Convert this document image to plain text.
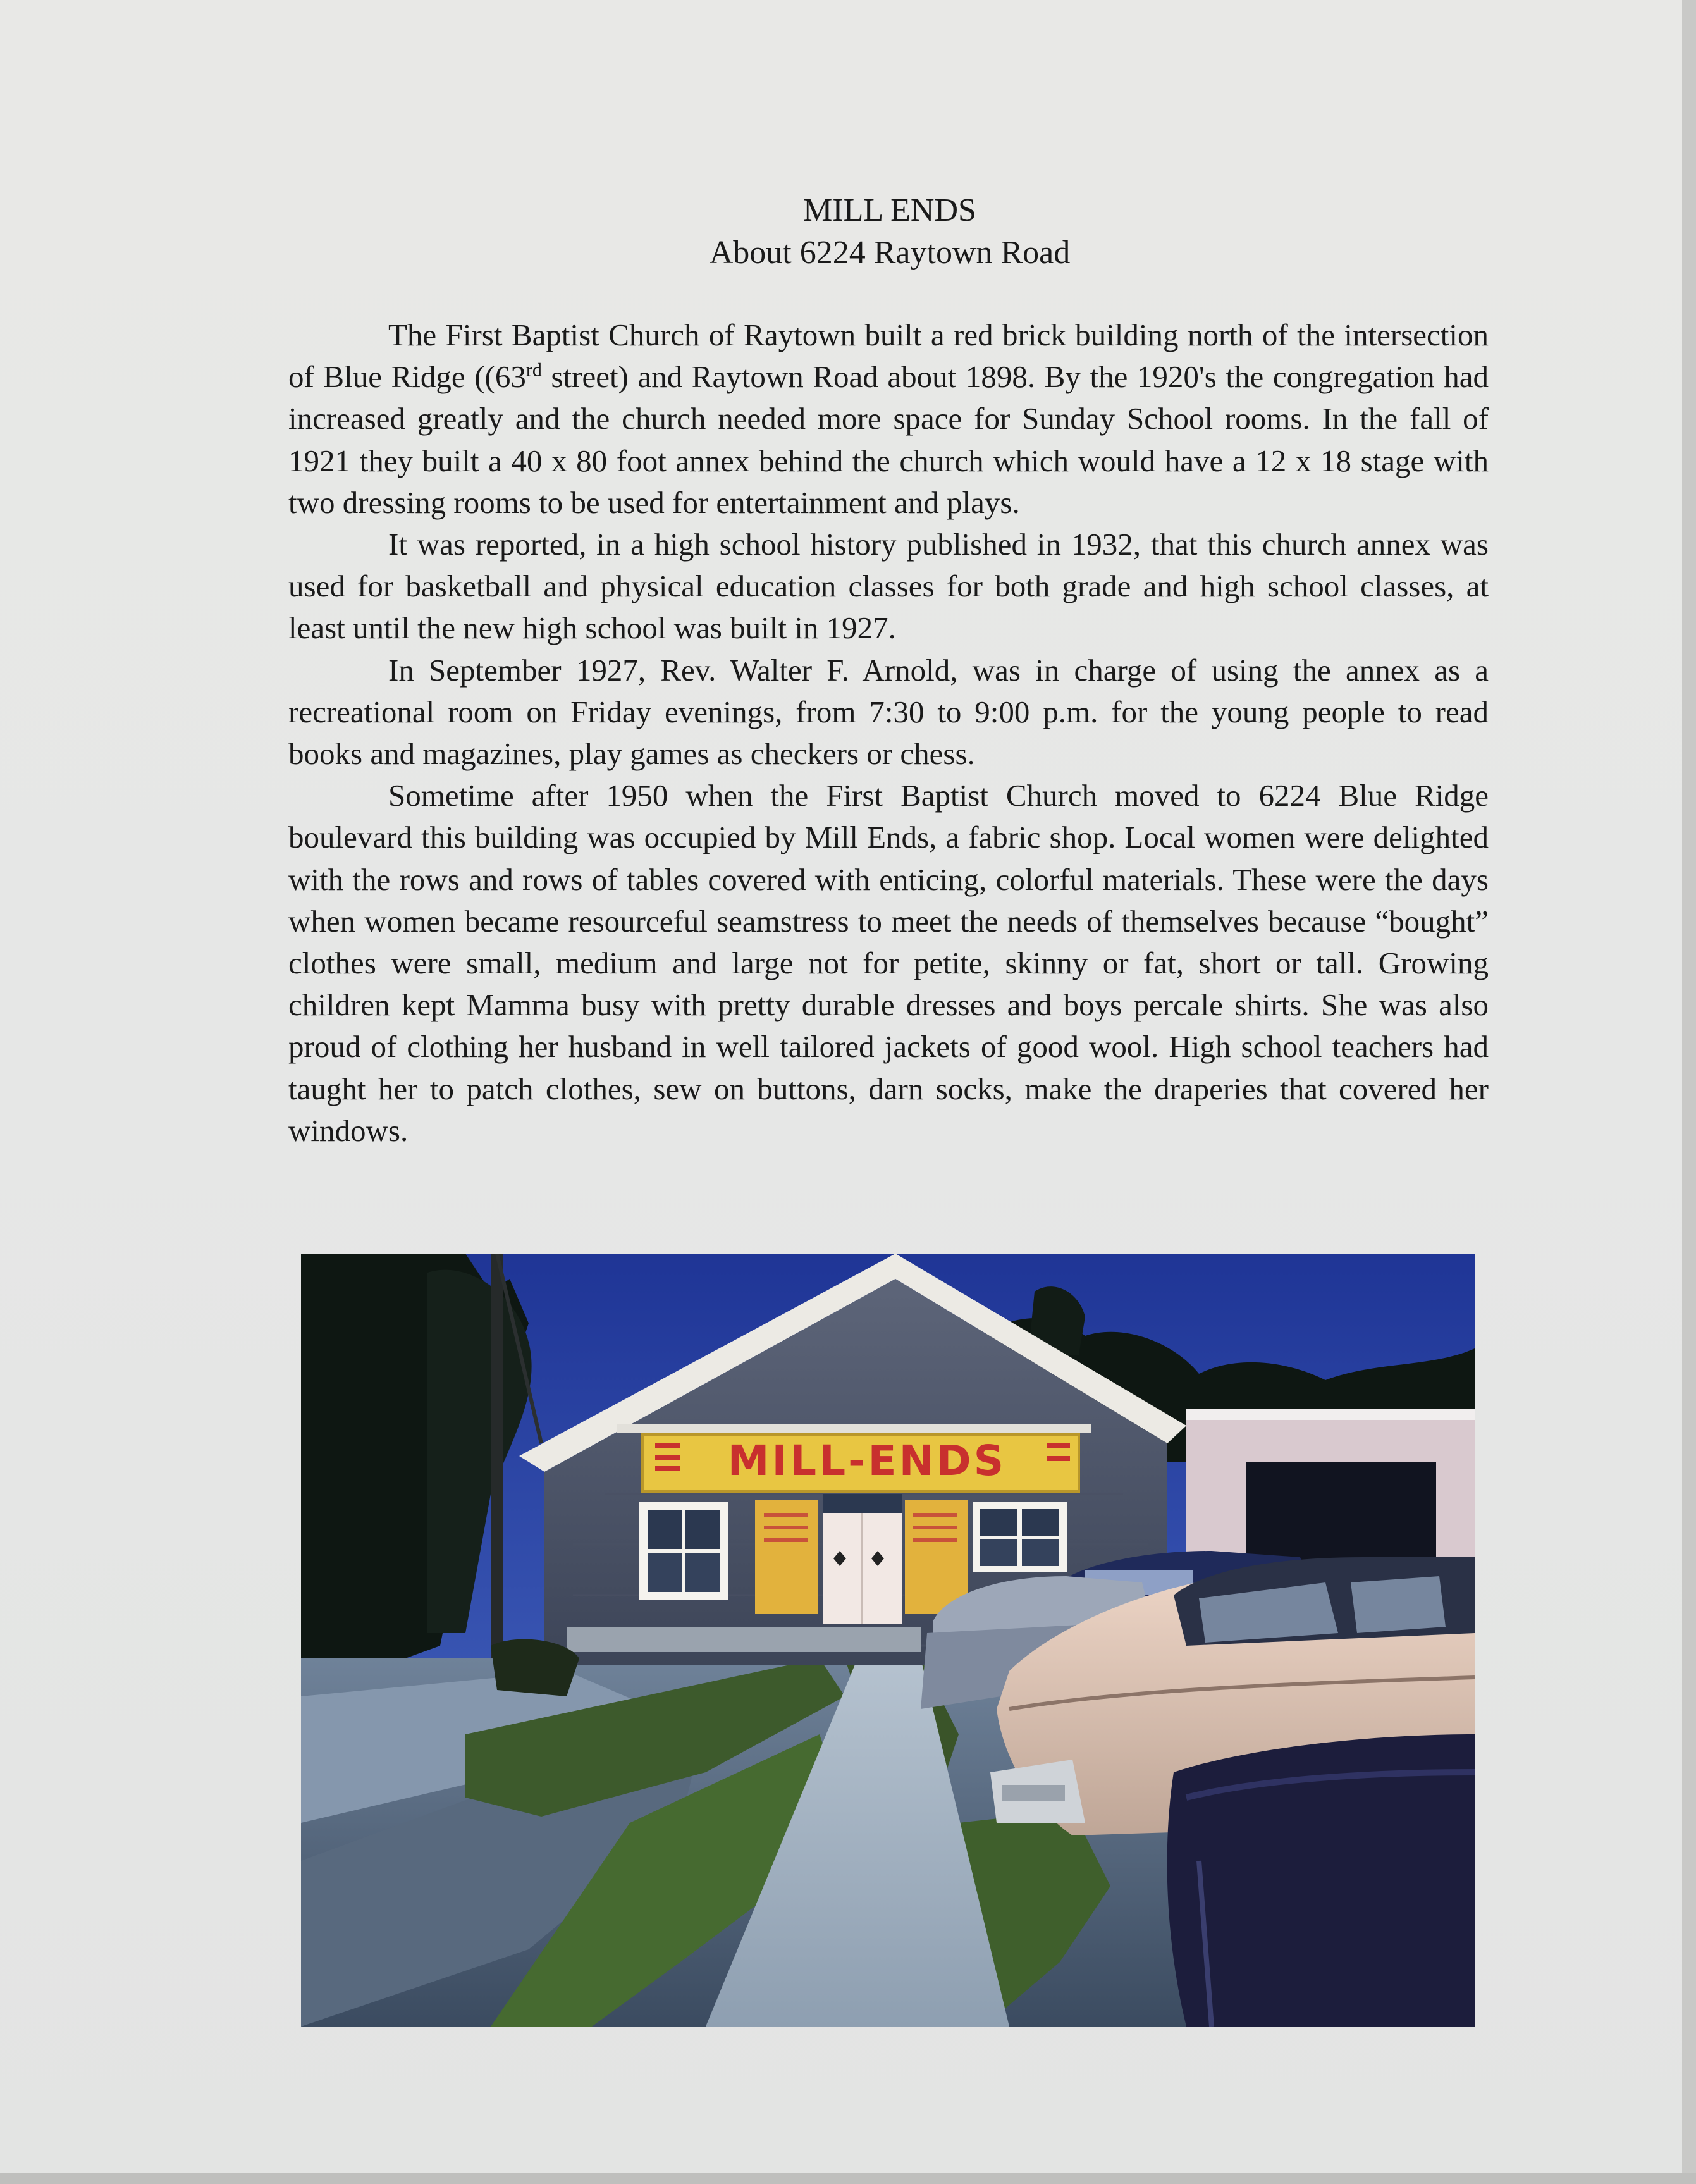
MILL ENDS
About 6224 Raytown Road

The First Baptist Church of Raytown built a red brick building north of the intersection of Blue Ridge ((63rd street) and Raytown Road about 1898. By the 1920's the congregation had increased greatly and the church needed more space for Sunday School rooms. In the fall of 1921 they built a 40 x 80 foot annex behind the church which would have a 12 x 18 stage with two dressing rooms to be used for entertainment and plays.

It was reported, in a high school history published in 1932, that this church annex was used for basketball and physical education classes for both grade and high school classes, at least until the new high school was built in 1927.

In September 1927, Rev. Walter F. Arnold, was in charge of using the annex as a recreational room on Friday evenings, from 7:30 to 9:00 p.m. for the young people to read books and magazines, play games as checkers or chess.

Sometime after 1950 when the First Baptist Church moved to 6224 Blue Ridge boulevard this building was occupied by Mill Ends, a fabric shop. Local women were delighted with the rows and rows of tables covered with enticing, colorful materials. These were the days when women became resourceful seamstress to meet the needs of themselves because “bought” clothes were small, medium and large not for petite, skinny or fat, short or tall. Growing children kept Mamma busy with pretty durable dresses and boys percale shirts. She was also proud of clothing her husband in well tailored jackets of good wool. High school teachers had taught her to patch clothes, sew on buttons, darn socks, make the draperies that covered her windows.

MILL-ENDS
